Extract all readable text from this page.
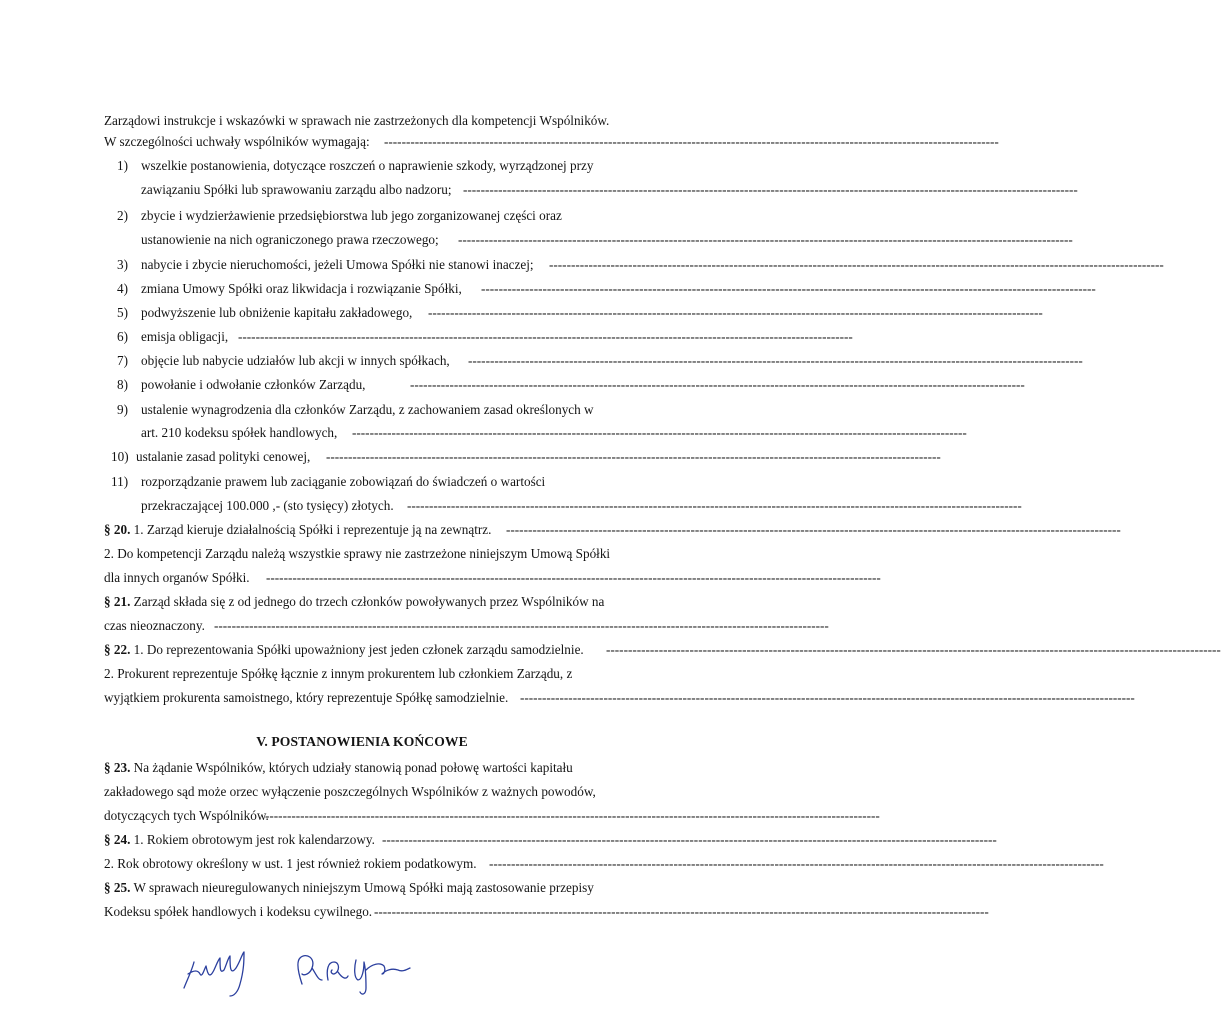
Zarządowi instrukcje i wskazówki w sprawach nie zastrzeżonych dla kompetencji Wspólników.
W szczególności uchwały wspólników wymagają: --------------------------------------------------------------------------------------------------------------------------------------------
1) wszelkie postanowienia, dotyczące roszczeń o naprawienie szkody, wyrządzonej przy
zawiązaniu Spółki lub sprawowaniu zarządu albo nadzoru; --------------------------------------------------------------------------------------------------------------------------------------------
2) zbycie i wydzierżawienie przedsiębiorstwa lub jego zorganizowanej części oraz
ustanowienie na nich ograniczonego prawa rzeczowego; --------------------------------------------------------------------------------------------------------------------------------------------
3) nabycie i zbycie nieruchomości, jeżeli Umowa Spółki nie stanowi inaczej; --------------------------------------------------------------------------------------------------------------------------------------------
4) zmiana Umowy Spółki oraz likwidacja i rozwiązanie Spółki, --------------------------------------------------------------------------------------------------------------------------------------------
5) podwyższenie lub obniżenie kapitału zakładowego, --------------------------------------------------------------------------------------------------------------------------------------------
6) emisja obligacji, --------------------------------------------------------------------------------------------------------------------------------------------
7) objęcie lub nabycie udziałów lub akcji w innych spółkach, --------------------------------------------------------------------------------------------------------------------------------------------
8) powołanie i odwołanie członków Zarządu,	--------------------------------------------------------------------------------------------------------------------------------------------
9) ustalenie wynagrodzenia dla członków Zarządu, z zachowaniem zasad określonych w
art. 210 kodeksu spółek handlowych, --------------------------------------------------------------------------------------------------------------------------------------------
10) ustalanie zasad polityki cenowej, --------------------------------------------------------------------------------------------------------------------------------------------
11) rozporządzanie prawem lub zaciąganie zobowiązań do świadczeń o wartości
przekraczającej 100.000 ,- (sto tysięcy) złotych. --------------------------------------------------------------------------------------------------------------------------------------------
§ 20. 1. Zarząd kieruje działalnością Spółki i reprezentuje ją na zewnątrz. --------------------------------------------------------------------------------------------------------------------------------------------
2. Do kompetencji Zarządu należą wszystkie sprawy nie zastrzeżone niniejszym Umową Spółki
dla innych organów Spółki. --------------------------------------------------------------------------------------------------------------------------------------------
§ 21. Zarząd składa się z od jednego do trzech członków powoływanych przez Wspólników na
czas nieoznaczony. --------------------------------------------------------------------------------------------------------------------------------------------
§ 22. 1. Do reprezentowania Spółki upoważniony jest jeden członek zarządu samodzielnie. --------------------------------------------------------------------------------------------------------------------------------------------
2. Prokurent reprezentuje Spółkę łącznie z innym prokurentem lub członkiem Zarządu, z
wyjątkiem prokurenta samoistnego, który reprezentuje Spółkę samodzielnie. --------------------------------------------------------------------------------------------------------------------------------------------
V. POSTANOWIENIA KOŃCOWE
§ 23. Na żądanie Wspólników, których udziały stanowią ponad połowę wartości kapitału
zakładowego sąd może orzec wyłączenie poszczególnych Wspólników z ważnych powodów,
dotyczących tych Wspólników.
--------------------------------------------------------------------------------------------------------------------------------------------
§ 24. 1. Rokiem obrotowym jest rok kalendarzowy. --------------------------------------------------------------------------------------------------------------------------------------------
2. Rok obrotowy określony w ust. 1 jest również rokiem podatkowym. --------------------------------------------------------------------------------------------------------------------------------------------
§ 25. W sprawach nieuregulowanych niniejszym Umową Spółki mają zastosowanie przepisy
Kodeksu spółek handlowych i kodeksu cywilnego. --------------------------------------------------------------------------------------------------------------------------------------------
